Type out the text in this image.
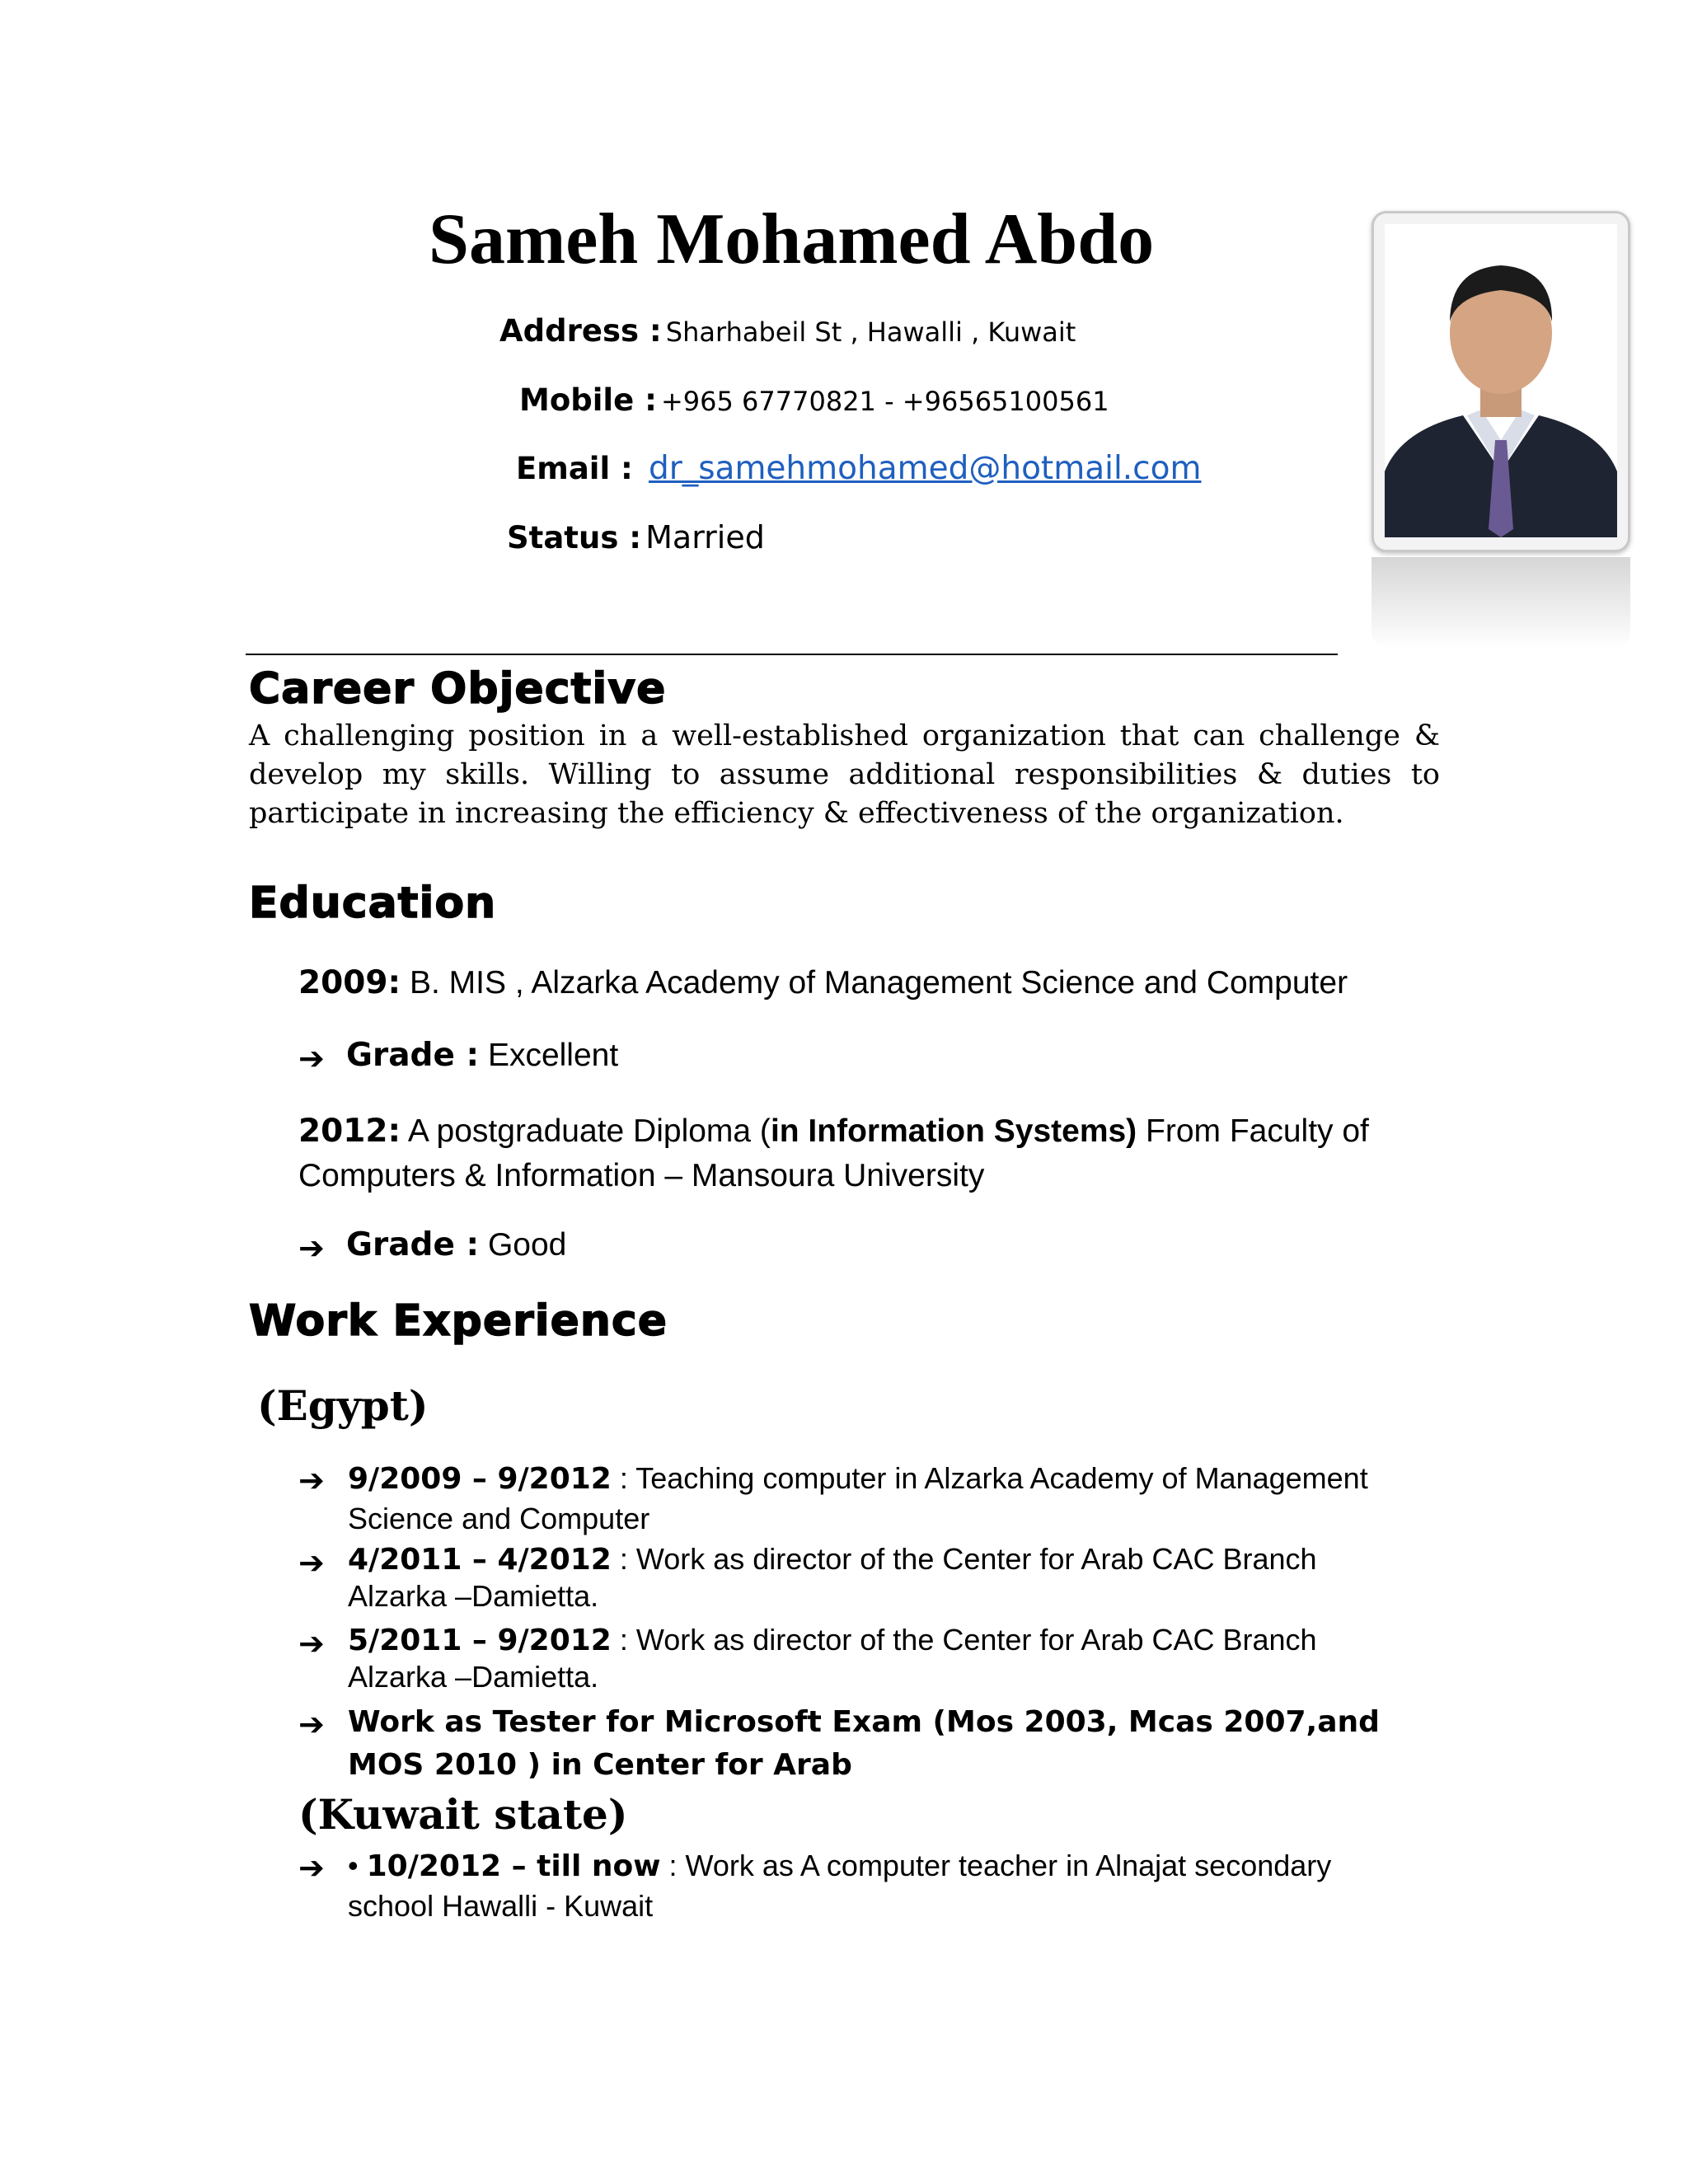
Sameh Mohamed Abdo
Address : Sharhabeil St , Hawalli , Kuwait
Mobile : +965 67770821 - +96565100561
Email : dr_samehmohamed@hotmail.com
Status : Married
Career Objective
A challenging position in a well-established organization that can challenge & develop my skills. Willing to assume additional responsibilities & duties to participate in increasing the efficiency & effectiveness of the organization.
Education
2009: B. MIS , Alzarka Academy of Management Science and Computer
➔ Grade : Excellent
2012: A postgraduate Diploma (in Information Systems) From Faculty of
Computers & Information – Mansoura University
➔ Grade : Good
Work Experience
(Egypt)
➔ 9/2009 – 9/2012 : Teaching computer in Alzarka Academy of Management Science and Computer
➔ 4/2011 – 4/2012 : Work as director of the Center for Arab CAC Branch Alzarka –Damietta.
➔ 5/2011 – 9/2012 : Work as director of the Center for Arab CAC Branch Alzarka –Damietta.
➔ Work as Tester for Microsoft Exam (Mos 2003, Mcas 2007,and MOS 2010 ) in Center for Arab
(Kuwait state)
➔ • 10/2012 – till now : Work as A computer teacher in Alnajat secondary school Hawalli - Kuwait
